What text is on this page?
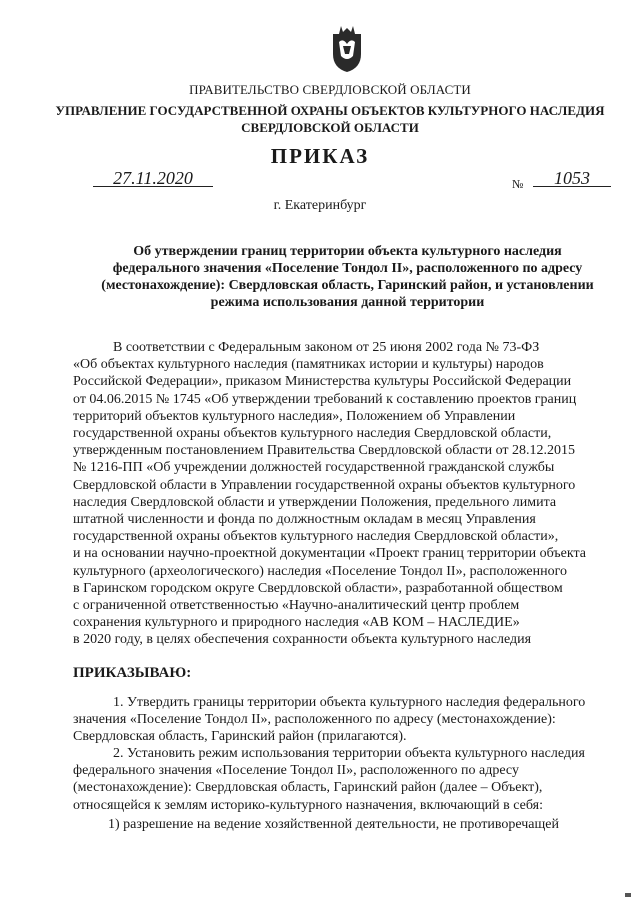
ПРАВИТЕЛЬСТВО СВЕРДЛОВСКОЙ ОБЛАСТИ
УПРАВЛЕНИЕ ГОСУДАРСТВЕННОЙ ОХРАНЫ ОБЪЕКТОВ КУЛЬТУРНОГО НАСЛЕДИЯ
СВЕРДЛОВСКОЙ ОБЛАСТИ
ПРИКАЗ
27.11.2020	№	1053
г. Екатеринбург
Об утверждении границ территории объекта культурного наследия
федерального значения «Поселение Тондол II», расположенного по адресу
(местонахождение): Свердловская область, Гаринский район, и установлении
режима использования данной территории
В соответствии с Федеральным законом от 25 июня 2002 года № 73-ФЗ
«Об объектах культурного наследия (памятниках истории и культуры) народов
Российской Федерации», приказом Министерства культуры Российской Федерации
от 04.06.2015 № 1745 «Об утверждении требований к составлению проектов границ
территорий объектов культурного наследия», Положением об Управлении
государственной охраны объектов культурного наследия Свердловской области,
утвержденным постановлением Правительства Свердловской области от 28.12.2015
№ 1216-ПП «Об учреждении должностей государственной гражданской службы
Свердловской области в Управлении государственной охраны объектов культурного
наследия Свердловской области и утверждении Положения, предельного лимита
штатной численности и фонда по должностным окладам в месяц Управления
государственной охраны объектов культурного наследия Свердловской области»,
и на основании научно-проектной документации «Проект границ территории объекта
культурного (археологического) наследия «Поселение Тондол II», расположенного
в Гаринском городском округе Свердловской области», разработанной обществом
с ограниченной ответственностью «Научно-аналитический центр проблем
сохранения культурного и природного наследия «АВ КОМ – НАСЛЕДИЕ»
в 2020 году, в целях обеспечения сохранности объекта культурного наследия
ПРИКАЗЫВАЮ:
1. Утвердить границы территории объекта культурного наследия федерального
значения «Поселение Тондол II», расположенного по адресу (местонахождение):
Свердловская область, Гаринский район (прилагаются).
2. Установить режим использования территории объекта культурного наследия
федерального значения «Поселение Тондол II», расположенного по адресу
(местонахождение): Свердловская область, Гаринский район (далее – Объект),
относящейся к землям историко-культурного назначения, включающий в себя:
1) разрешение на ведение хозяйственной деятельности, не противоречащей
